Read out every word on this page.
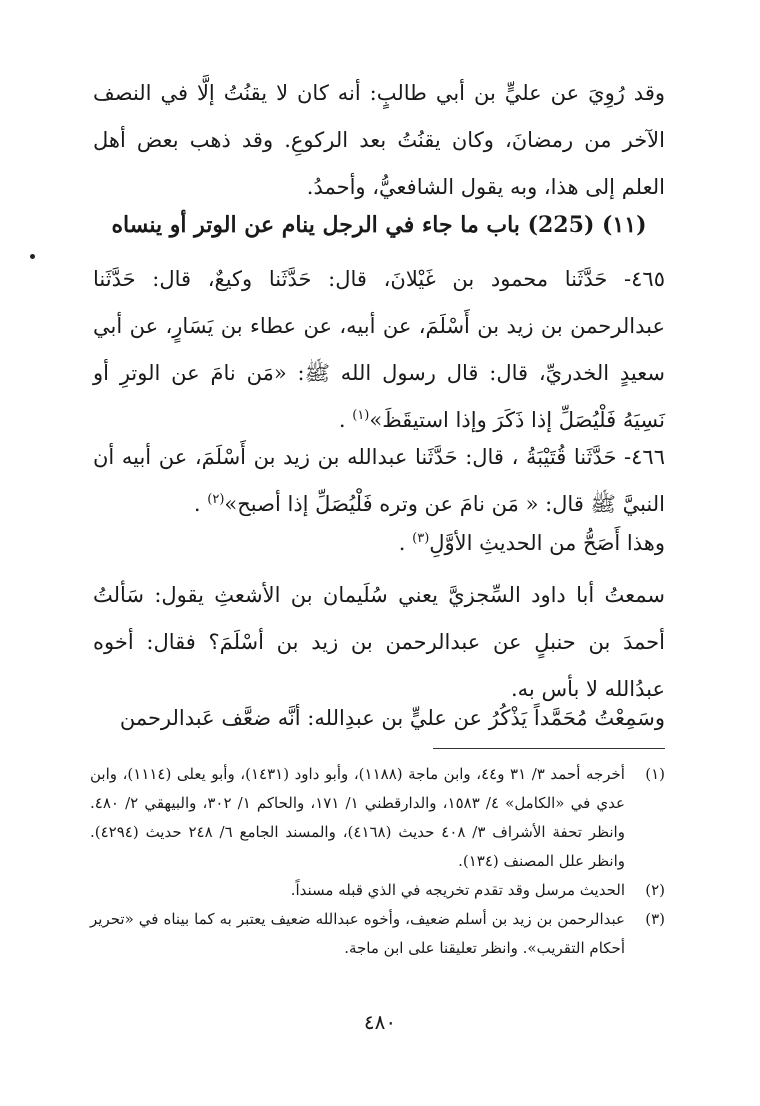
وقد رُوِيَ عن عليٍّ بن أبي طالبٍ: أنه كان لا يقنُتُ إلَّا في النصف الآخر من رمضانَ، وكان يقنُتُ بعد الركوعِ. وقد ذهب بعض أهل العلم إلى هذا، وبه يقول الشافعيُّ، وأحمدُ.

(١١) (225) باب ما جاء في الرجل ينام عن الوتر أو ينساه

٤٦٥- حَدَّثَنا محمود بن غَيْلانَ، قال: حَدَّثَنا وكيعٌ، قال: حَدَّثَنا عبدالرحمن بن زيد بن أَسْلَمَ، عن أبيه، عن عطاء بن يَسَارٍ، عن أبي سعيدٍ الخدريِّ، قال: قال رسول الله ﷺ: «مَن نامَ عن الوترِ أو نَسِيَهُ فَلْيُصَلِّ إذا ذَكَرَ وإذا استيقَظَ»$^{(١)}$ .

٤٦٦- حَدَّثَنا قُتَيْبَةُ ، قال: حَدَّثَنا عبدالله بن زيد بن أَسْلَمَ، عن أبيه أن النبيَّ ﷺ قال: « مَن نامَ عن وتره فَلْيُصَلِّ إذا أصبح»$^{(٢)}$ .

وهذا أَصَحُّ من الحديثِ الأوَّلِ$^{(٣)}$ .

سمعتُ أبا داود السِّجزيَّ يعني سُلَيمان بن الأشعثِ يقول: سَألتُ أحمدَ بن حنبلٍ عن عبدالرحمن بن زيد بن أسْلَمَ؟ فقال: أخوه عبدُالله لا بأس به.

وسَمِعْتُ مُحَمَّداً يَذْكُرُ عن عليٍّ بن عبدِالله: أنَّه ضعَّف عَبدالرحمن

(١)
أخرجه أحمد ٣/ ٣١ و٤٤، وابن ماجة (١١٨٨)، وأبو داود (١٤٣١)، وأبو يعلى (١١١٤)، وابن عدي في «الكامل» ٤/ ١٥٨٣، والدارقطني ١/ ١٧١، والحاكم ١/ ٣٠٢، والبيهقي ٢/ ٤٨٠. وانظر تحفة الأشراف ٣/ ٤٠٨ حديث (٤١٦٨)، والمسند الجامع ٦/ ٢٤٨ حديث (٤٢٩٤). وانظر علل المصنف (١٣٤).
(٢)
الحديث مرسل وقد تقدم تخريجه في الذي قبله مسنداً.
(٣)
عبدالرحمن بن زيد بن أسلم ضعيف، وأخوه عبدالله ضعيف يعتبر به كما بيناه في «تحرير أحكام التقريب». وانظر تعليقنا على ابن ماجة.
٤٨٠
